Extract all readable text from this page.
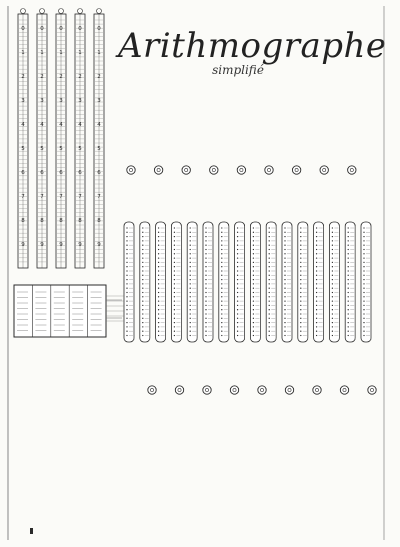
Arithmographe
simplifié
0
1
2
3
4
5
6
7
8
9
0
1
2
3
4
5
6
7
8
9
0
1
2
3
4
5
6
7
8
9
0
1
2
3
4
5
6
7
8
9
0
1
2
3
4
5
6
7
8
9
